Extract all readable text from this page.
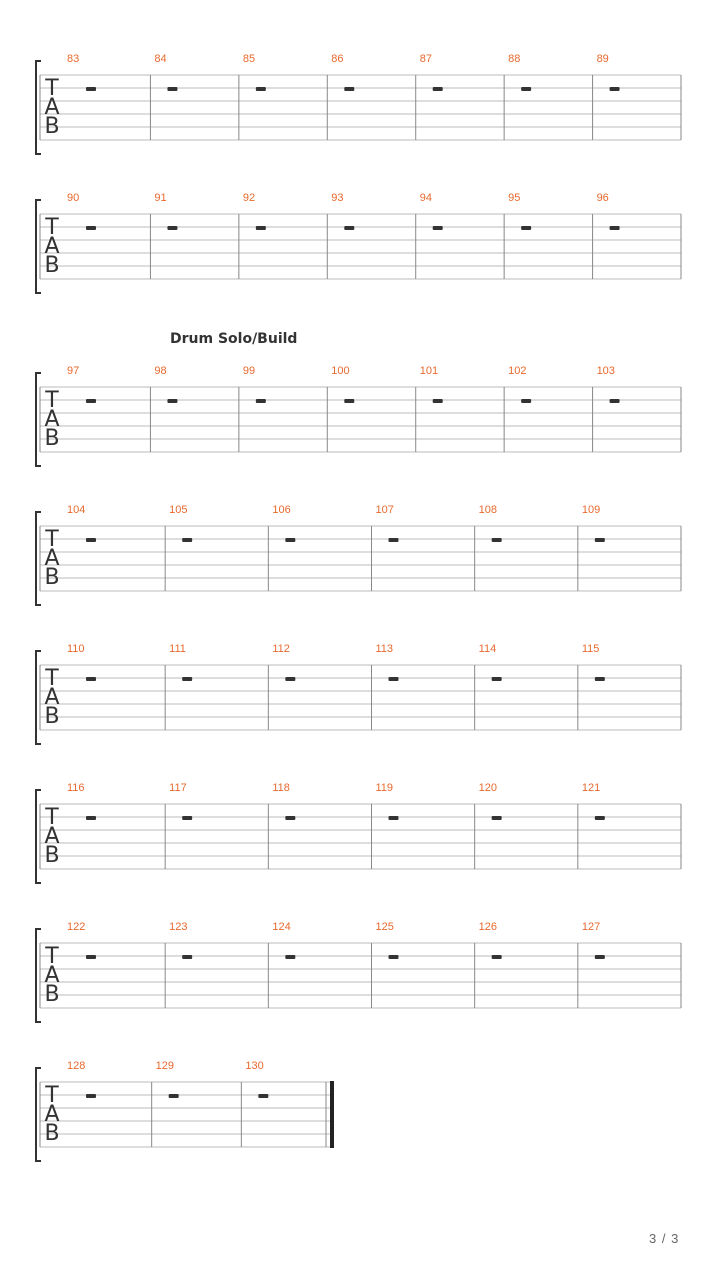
T
A
B
83	84	85	86	87	88	89
T
A
B
90	91	92	93	94	95	96
T
A
B
97	98	99	100	101	102	103
T
A
B
104	105	106	107	108	109
T
A
B
110	111	112	113	114	115
T
A
B
116	117	118	119	120	121
T
A
B
122	123	124	125	126	127
T
A
B
128	129	130
Drum Solo/Build
3 / 3
